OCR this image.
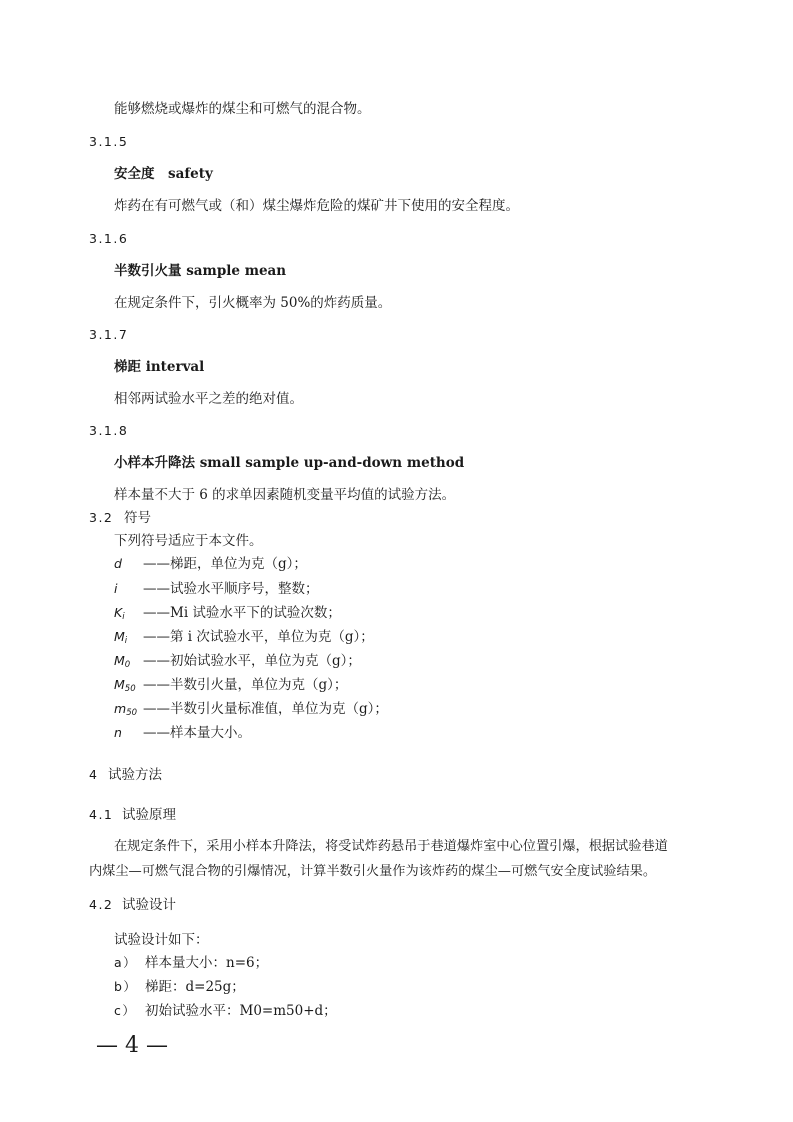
能够燃烧或爆炸的煤尘和可燃气的混合物。
3.1.5
安全度　safety
炸药在有可燃气或（和）煤尘爆炸危险的煤矿井下使用的安全程度。
3.1.6
半数引火量 sample mean
在规定条件下，引火概率为 50%的炸药质量。
3.1.7
梯距 interval
相邻两试验水平之差的绝对值。
3.1.8
小样本升降法 small sample up-and-down method
样本量不大于 6 的求单因素随机变量平均值的试验方法。
3.2 符号
下列符号适应于本文件。
d ——梯距，单位为克（g）；
i ——试验水平顺序号，整数；
$K_i$ ——Mi 试验水平下的试验次数；
$M_i$ ——第 i 次试验水平，单位为克（g）；
$M_0$ ——初始试验水平，单位为克（g）；
$M_{50}$ ——半数引火量，单位为克（g）；
$m_{50}$ ——半数引火量标准值，单位为克（g）；
n ——样本量大小。
4 试验方法
4.1 试验原理
在规定条件下，采用小样本升降法，将受试炸药悬吊于巷道爆炸室中心位置引爆，根据试验巷道
内煤尘—可燃气混合物的引爆情况，计算半数引火量作为该炸药的煤尘—可燃气安全度试验结果。
4.2 试验设计
试验设计如下：
a） 样本量大小：n=6；
b） 梯距：d=25g；
c） 初始试验水平：M0=m50+d；
— 4 —
